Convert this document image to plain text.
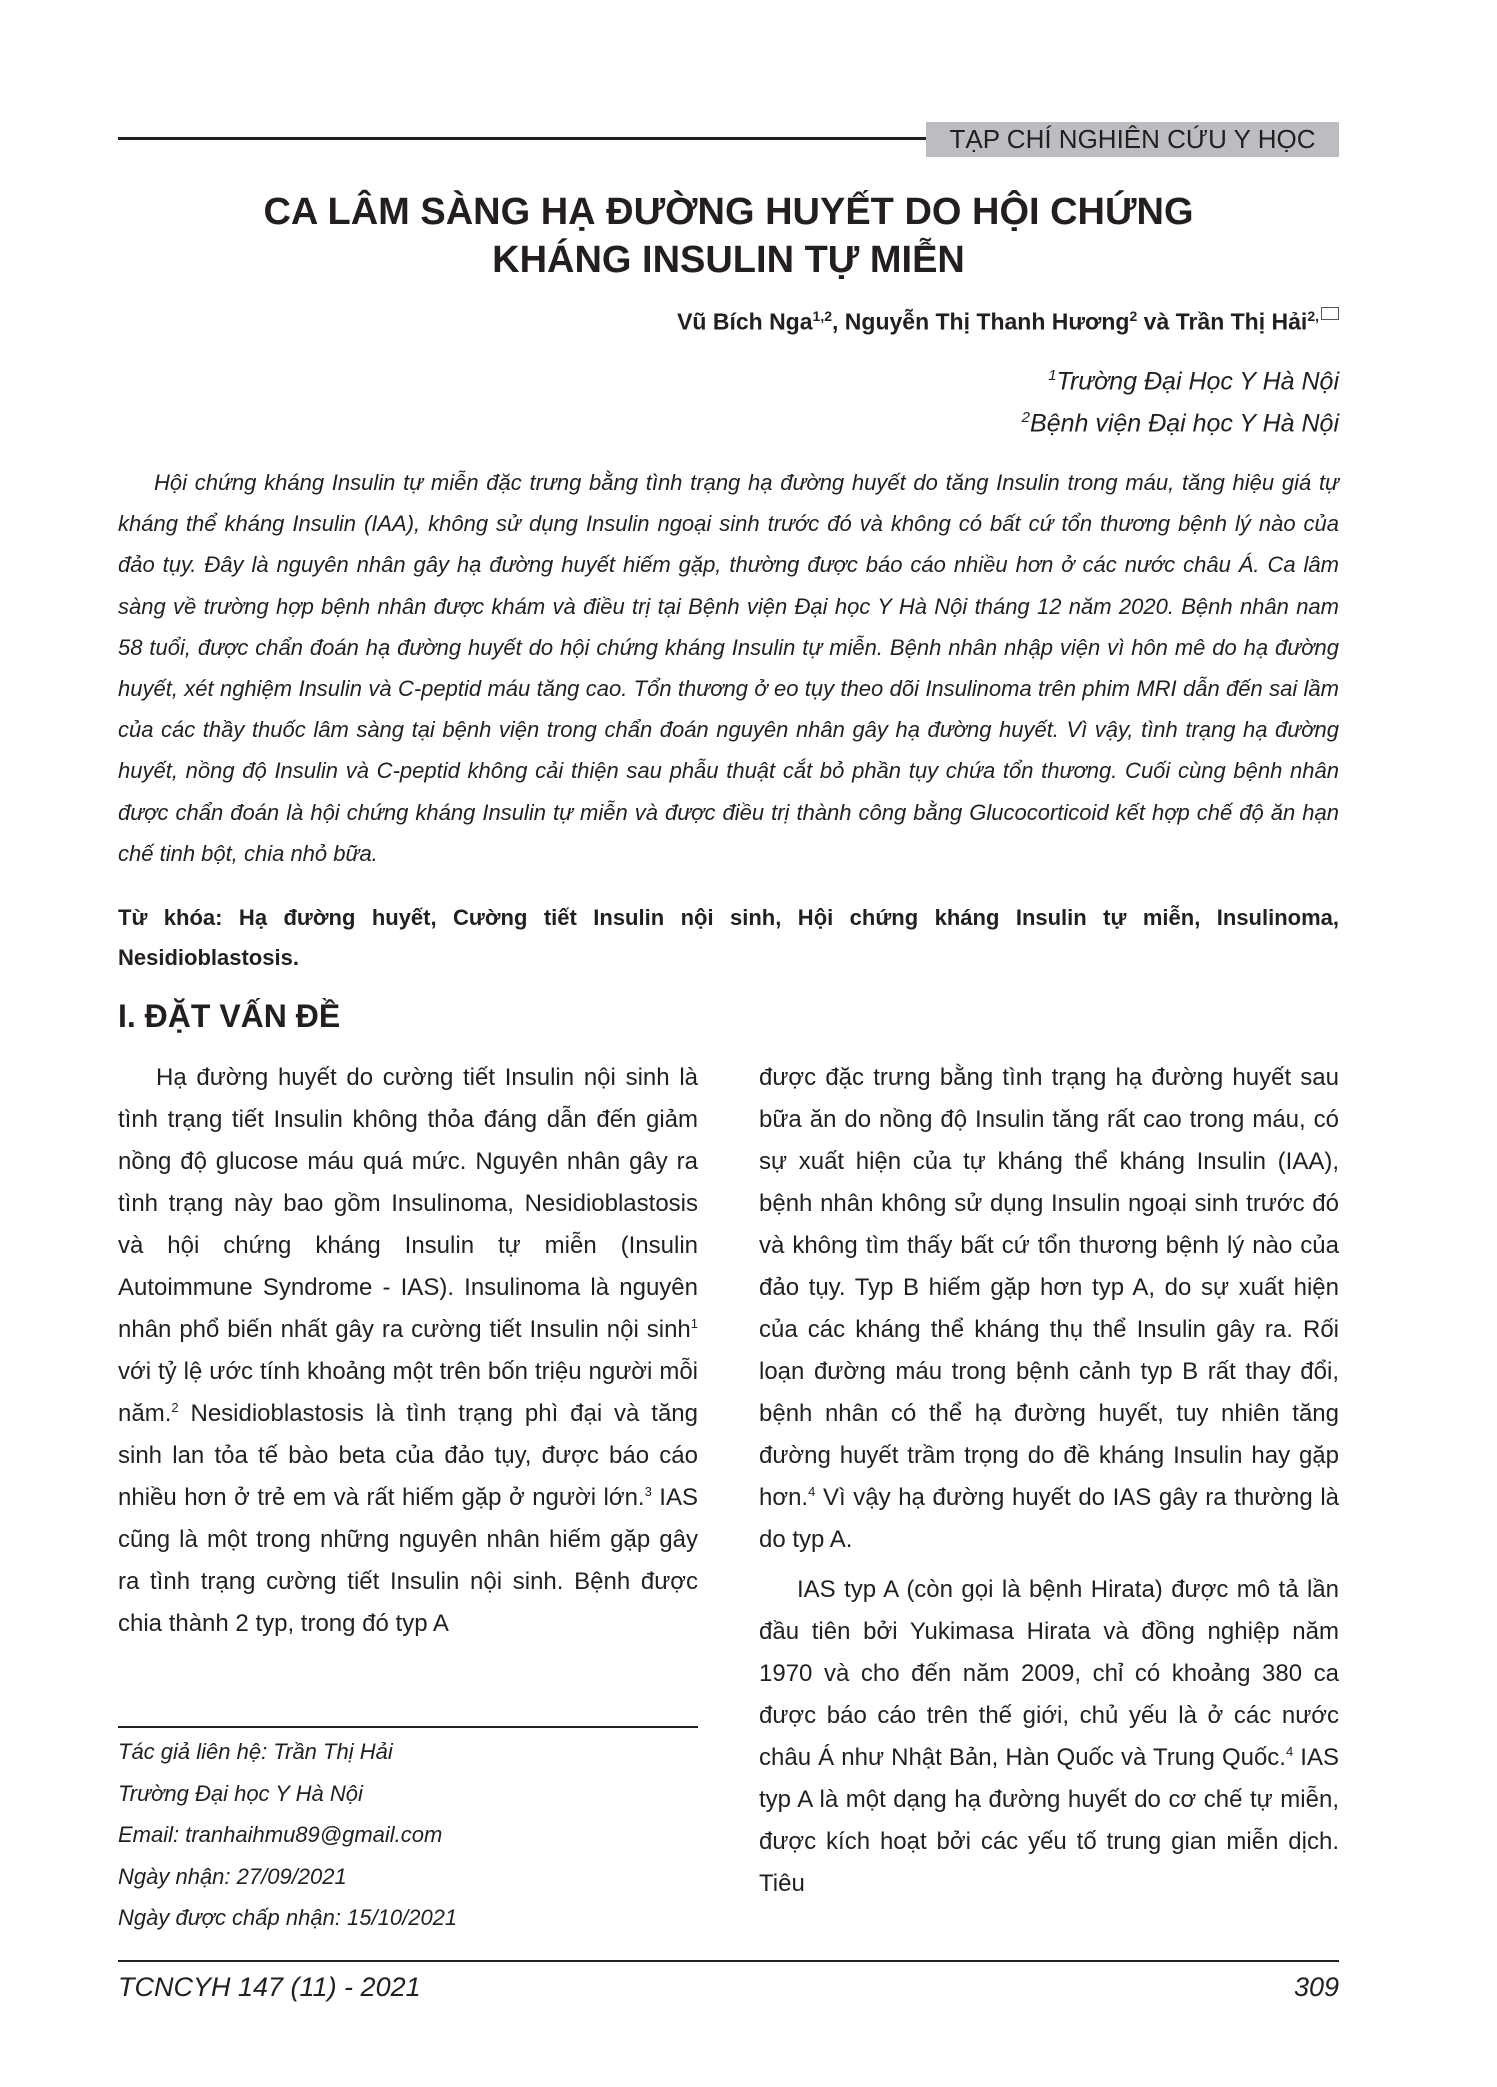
TẠP CHÍ NGHIÊN CỨU Y HỌC
CA LÂM SÀNG HẠ ĐƯỜNG HUYẾT DO HỘI CHỨNG
KHÁNG INSULIN TỰ MIỄN
Vũ Bích Nga$^{1,2}$, Nguyễn Thị Thanh Hương$^2$ và Trần Thị Hải$^{2,}$
$^1$Trường Đại Học Y Hà Nội
$^2$Bệnh viện Đại học Y Hà Nội

Hội chứng kháng Insulin tự miễn đặc trưng bằng tình trạng hạ đường huyết do tăng Insulin trong máu, tăng hiệu giá tự kháng thể kháng Insulin (IAA), không sử dụng Insulin ngoại sinh trước đó và không có bất cứ tổn thương bệnh lý nào của đảo tụy. Đây là nguyên nhân gây hạ đường huyết hiếm gặp, thường được báo cáo nhiều hơn ở các nước châu Á. Ca lâm sàng về trường hợp bệnh nhân được khám và điều trị tại Bệnh viện Đại học Y Hà Nội tháng 12 năm 2020. Bệnh nhân nam 58 tuổi, được chẩn đoán hạ đường huyết do hội chứng kháng Insulin tự miễn. Bệnh nhân nhập viện vì hôn mê do hạ đường huyết, xét nghiệm Insulin và C-peptid máu tăng cao. Tổn thương ở eo tụy theo dõi Insulinoma trên phim MRI dẫn đến sai lầm của các thầy thuốc lâm sàng tại bệnh viện trong chẩn đoán nguyên nhân gây hạ đường huyết. Vì vậy, tình trạng hạ đường huyết, nồng độ Insulin và C-peptid không cải thiện sau phẫu thuật cắt bỏ phần tụy chứa tổn thương. Cuối cùng bệnh nhân được chẩn đoán là hội chứng kháng Insulin tự miễn và được điều trị thành công bằng Glucocorticoid kết hợp chế độ ăn hạn chế tinh bột, chia nhỏ bữa.

Từ khóa: Hạ đường huyết, Cường tiết Insulin nội sinh, Hội chứng kháng Insulin tự miễn, Insulinoma, Nesidioblastosis.

I. ĐẶT VẤN ĐỀ

Hạ đường huyết do cường tiết Insulin nội sinh là tình trạng tiết Insulin không thỏa đáng dẫn đến giảm nồng độ glucose máu quá mức. Nguyên nhân gây ra tình trạng này bao gồm Insulinoma, Nesidioblastosis và hội chứng kháng Insulin tự miễn (Insulin Autoimmune Syndrome - IAS). Insulinoma là nguyên nhân phổ biến nhất gây ra cường tiết Insulin nội $\sinh^1$ với tỷ lệ ước tính khoảng một trên bốn triệu người mỗi năm.$^2$ Nesidioblastosis là tình trạng phì đại và tăng sinh lan tỏa tế bào beta của đảo tụy, được báo cáo nhiều hơn ở trẻ em và rất hiếm gặp ở người lớn.$^3$ IAS cũng là một trong những nguyên nhân hiếm gặp gây ra tình trạng cường tiết Insulin nội sinh. Bệnh được chia thành 2 typ, trong đó typ A

được đặc trưng bằng tình trạng hạ đường huyết sau bữa ăn do nồng độ Insulin tăng rất cao trong máu, có sự xuất hiện của tự kháng thể kháng Insulin (IAA), bệnh nhân không sử dụng Insulin ngoại sinh trước đó và không tìm thấy bất cứ tổn thương bệnh lý nào của đảo tụy. Typ B hiếm gặp hơn typ A, do sự xuất hiện của các kháng thể kháng thụ thể Insulin gây ra. Rối loạn đường máu trong bệnh cảnh typ B rất thay đổi, bệnh nhân có thể hạ đường huyết, tuy nhiên tăng đường huyết trầm trọng do đề kháng Insulin hay gặp hơn.$^4$ Vì vậy hạ đường huyết do IAS gây ra thường là do typ A.

IAS typ A (còn gọi là bệnh Hirata) được mô tả lần đầu tiên bởi Yukimasa Hirata và đồng nghiệp năm 1970 và cho đến năm 2009, chỉ có khoảng 380 ca được báo cáo trên thế giới, chủ yếu là ở các nước châu Á như Nhật Bản, Hàn Quốc và Trung Quốc.$^4$ IAS typ A là một dạng hạ đường huyết do cơ chế tự miễn, được kích hoạt bởi các yếu tố trung gian miễn dịch. Tiêu

Tác giả liên hệ: Trần Thị Hải
Trường Đại học Y Hà Nội
Email: tranhaihmu89@gmail.com
Ngày nhận: 27/09/2021
Ngày được chấp nhận: 15/10/2021
TCNCYH 147 (11) - 2021	309
